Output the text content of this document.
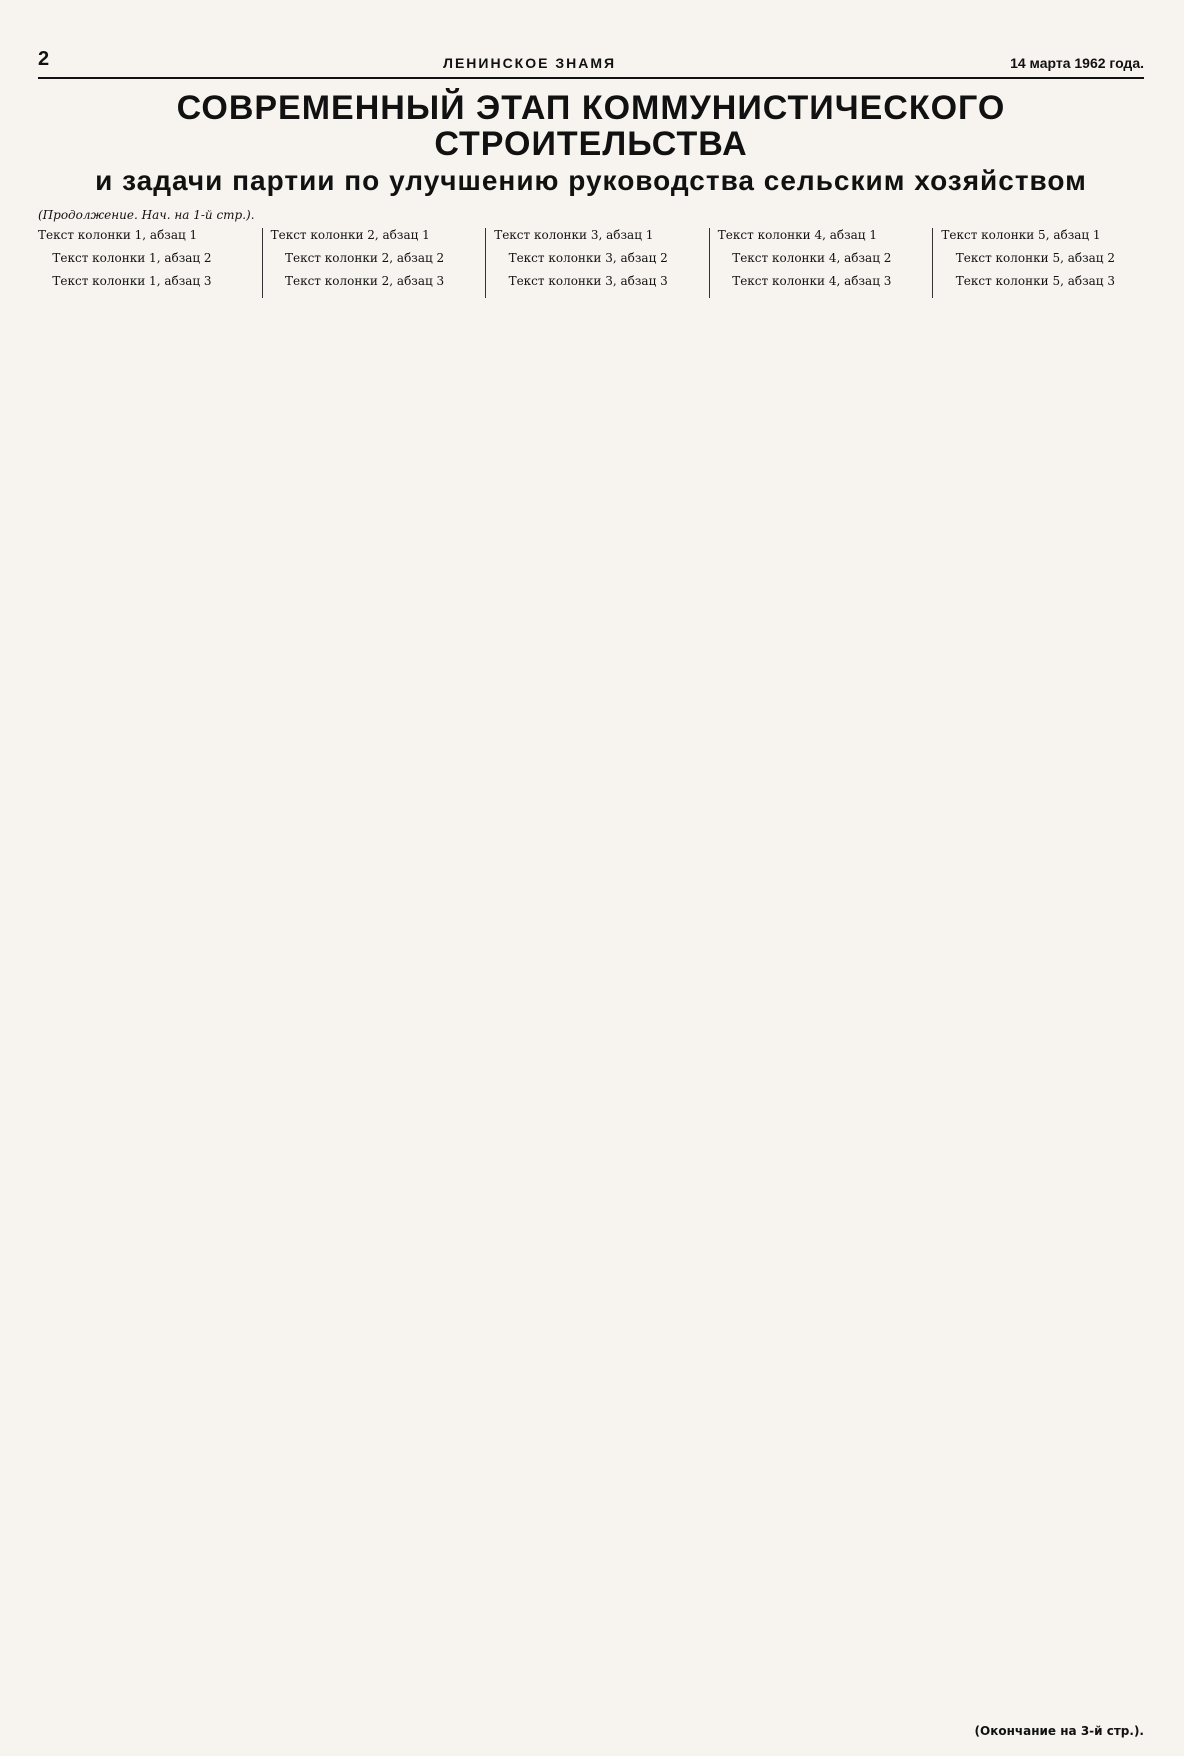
2	ЛЕНИНСКОЕ ЗНАМЯ	14 марта 1962 года.
СОВРЕМЕННЫЙ ЭТАП КОММУНИСТИЧЕСКОГО СТРОИТЕЛЬСТВА
и задачи партии по улучшению руководства сельским хозяйством
(Продолжение. Нач. на 1-й стр.).

Текст колонки 1, абзац 1

Текст колонки 1, абзац 2

Текст колонки 1, абзац 3

Текст колонки 2, абзац 1

Текст колонки 2, абзац 2

Текст колонки 2, абзац 3

Текст колонки 3, абзац 1

Текст колонки 3, абзац 2

Текст колонки 3, абзац 3

Текст колонки 4, абзац 1

Текст колонки 4, абзац 2

Текст колонки 4, абзац 3

Текст колонки 5, абзац 1

Текст колонки 5, абзац 2

Текст колонки 5, абзац 3

(Окончание на 3-й стр.).
